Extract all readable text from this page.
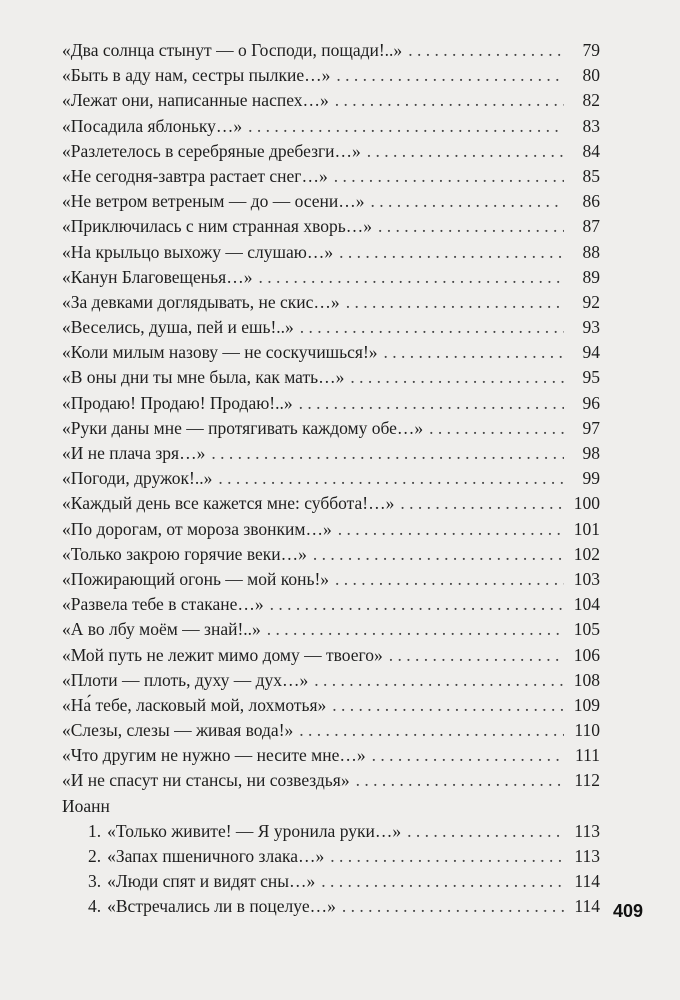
«Два солнца стынут — о Господи, пощади!..» . . .	79
«Быть в аду нам, сестры пылкие…» . . .	80
«Лежат они, написанные наспех…» . . .	82
«Посадила яблоньку…» . . .	83
«Разлетелось в серебряные дребезги…» . . .	84
«Не сегодня-завтра растает снег…» . . .	85
«Не ветром ветреным — до — осени…» . . .	86
«Приключилась с ним странная хворь…» . . .	87
«На крыльцо выхожу — слушаю…» . . .	88
«Канун Благовещенья…» . . .	89
«За девками доглядывать, не скис…» . . .	92
«Веселись, душа, пей и ешь!..» . . .	93
«Коли милым назову — не соскучишься!» . . .	94
«В оны дни ты мне была, как мать…» . . .	95
«Продаю! Продаю! Продаю!..» . . .	96
«Руки даны мне — протягивать каждому обе…» . . .	97
«И не плача зря…» . . .	98
«Погоди, дружок!..» . . .	99
«Каждый день все кажется мне: суббота!…» . . .	100
«По дорогам, от мороза звонким…» . . .	101
«Только закрою горячие веки…» . . .	102
«Пожирающий огонь — мой конь!» . . .	103
«Развела тебе в стакане…» . . .	104
«А во лбу моём — знай!..» . . .	105
«Мой путь не лежит мимо дому — твоего» . . .	106
«Плоти — плоть, духу — дух…» . . .	108
«На́ тебе, ласковый мой, лохмотья» . . .	109
«Слезы, слезы — живая вода!» . . .	110
«Что другим не нужно — несите мне…» . . .	111
«И не спасут ни стансы, ни созвездья» . . .	112
Иоанн
1. «Только живите! — Я уронила руки…» . . .	113
2. «Запах пшеничного злака…» . . .	113
3. «Люди спят и видят сны…» . . .	114
4. «Встречались ли в поцелуе…» . . .	114 409
